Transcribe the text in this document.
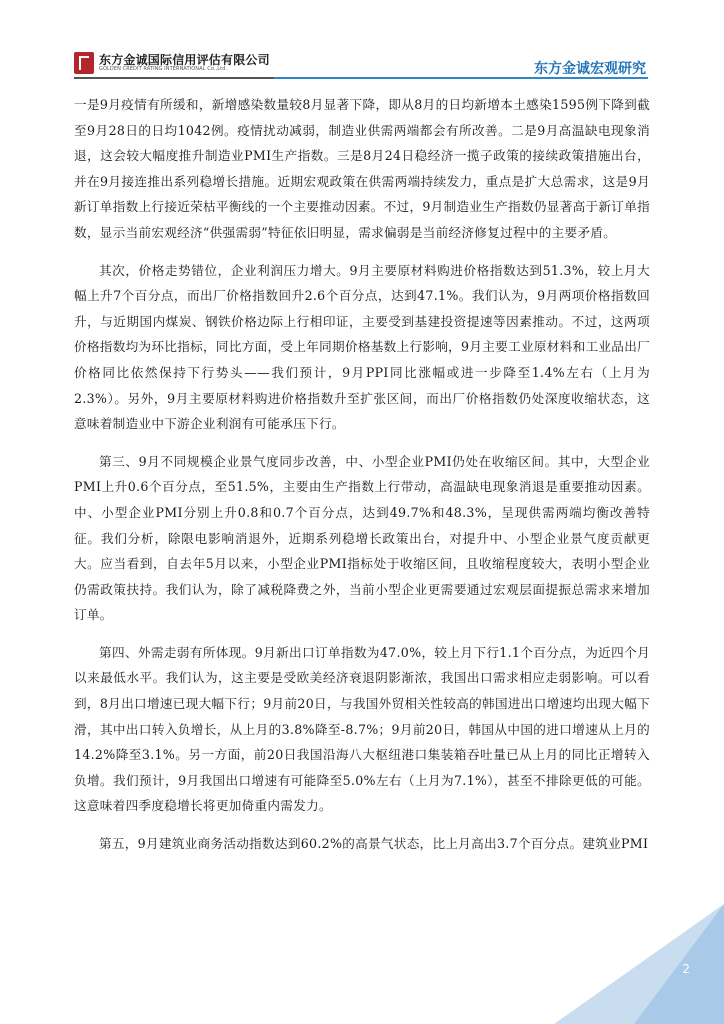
东方金诚国际信用评估有限公司
GOLDEN CREDIT RATING INTERNATIONAL Co.,Ltd.	东方金诚宏观研究

一是9月疫情有所缓和，新增感染数量较8月显著下降，即从8月的日均新增本土感染1595例下降到截至9月28日的日均1042例。疫情扰动减弱，制造业供需两端都会有所改善。二是9月高温缺电现象消退，这会较大幅度推升制造业PMI生产指数。三是8月24日稳经济一揽子政策的接续政策措施出台，并在9月接连推出系列稳增长措施。近期宏观政策在供需两端持续发力，重点是扩大总需求，这是9月新订单指数上行接近荣枯平衡线的一个主要推动因素。不过，9月制造业生产指数仍显著高于新订单指数，显示当前宏观经济“供强需弱”特征依旧明显，需求偏弱是当前经济修复过程中的主要矛盾。

其次，价格走势错位，企业利润压力增大。9月主要原材料购进价格指数达到51.3%，较上月大幅上升7个百分点，而出厂价格指数回升2.6个百分点，达到47.1%。我们认为，9月两项价格指数回升，与近期国内煤炭、钢铁价格边际上行相印证，主要受到基建投资提速等因素推动。不过，这两项价格指数均为环比指标，同比方面，受上年同期价格基数上行影响，9月主要工业原材料和工业品出厂价格同比依然保持下行势头——我们预计，9月PPI同比涨幅或进一步降至1.4%左右（上月为2.3%）。另外，9月主要原材料购进价格指数升至扩张区间，而出厂价格指数仍处深度收缩状态，这意味着制造业中下游企业利润有可能承压下行。

第三、9月不同规模企业景气度同步改善，中、小型企业PMI仍处在收缩区间。其中，大型企业PMI上升0.6个百分点，至51.5%，主要由生产指数上行带动，高温缺电现象消退是重要推动因素。中、小型企业PMI分别上升0.8和0.7个百分点，达到49.7%和48.3%，呈现供需两端均衡改善特征。我们分析，除限电影响消退外，近期系列稳增长政策出台，对提升中、小型企业景气度贡献更大。应当看到，自去年5月以来，小型企业PMI指标处于收缩区间，且收缩程度较大，表明小型企业仍需政策扶持。我们认为，除了减税降费之外，当前小型企业更需要通过宏观层面提振总需求来增加订单。

第四、外需走弱有所体现。9月新出口订单指数为47.0%，较上月下行1.1个百分点，为近四个月以来最低水平。我们认为，这主要是受欧美经济衰退阴影渐浓，我国出口需求相应走弱影响。可以看到，8月出口增速已现大幅下行；9月前20日，与我国外贸相关性较高的韩国进出口增速均出现大幅下滑，其中出口转入负增长，从上月的3.8%降至-8.7%；9月前20日，韩国从中国的进口增速从上月的14.2%降至3.1%。另一方面，前20日我国沿海八大枢纽港口集装箱吞吐量已从上月的同比正增转入负增。我们预计，9月我国出口增速有可能降至5.0%左右（上月为7.1%），甚至不排除更低的可能。这意味着四季度稳增长将更加倚重内需发力。

第五，9月建筑业商务活动指数达到60.2%的高景气状态，比上月高出3.7个百分点。建筑业PMI

2
